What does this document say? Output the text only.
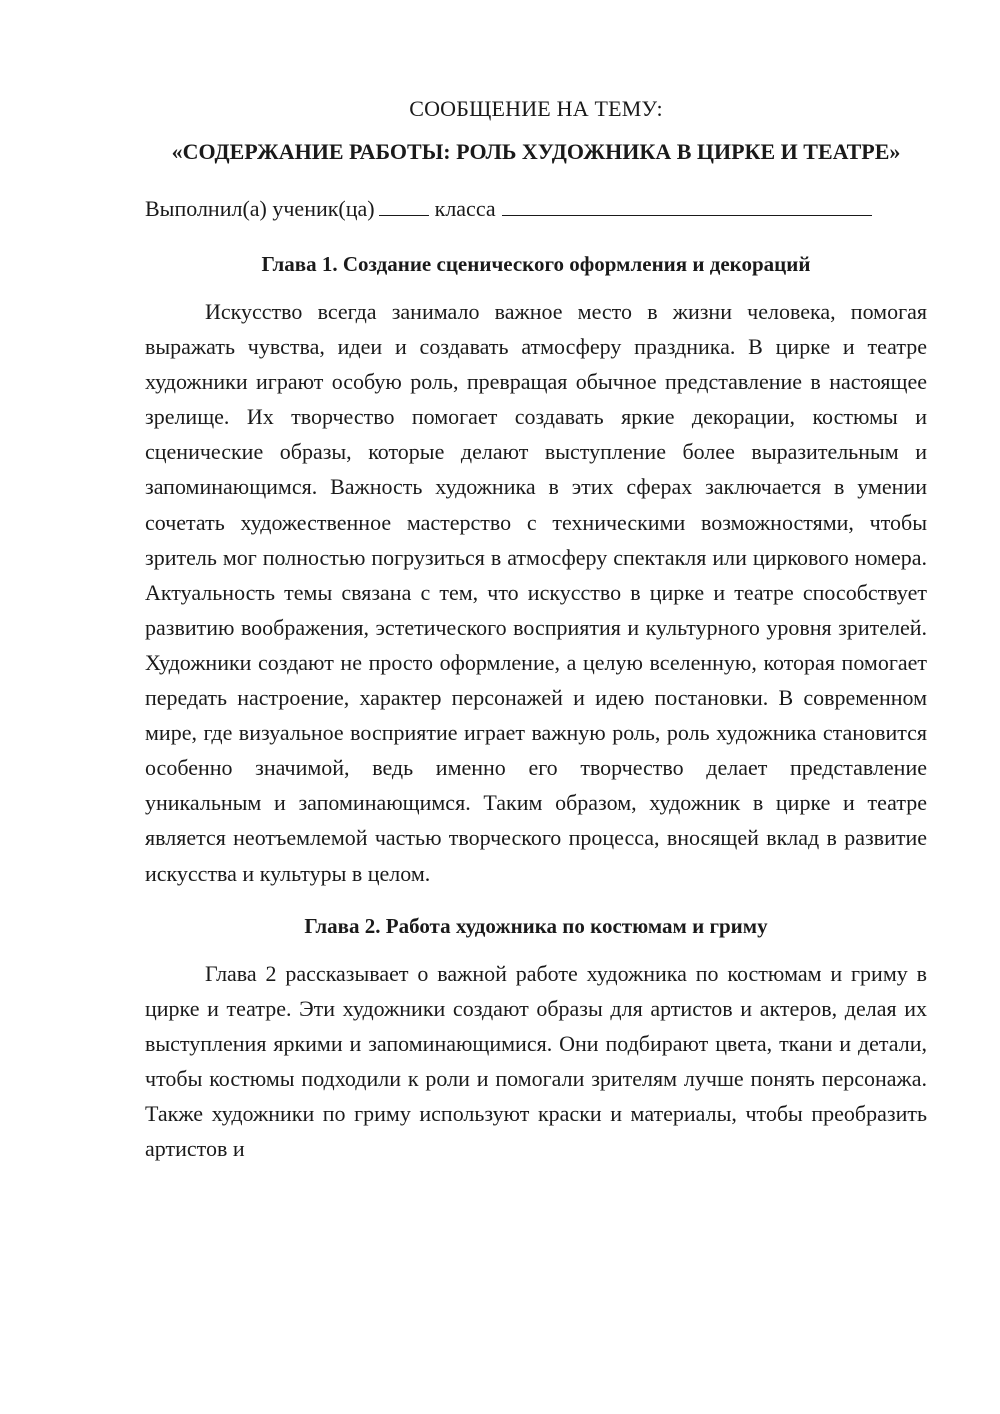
СООБЩЕНИЕ НА ТЕМУ:

«СОДЕРЖАНИЕ РАБОТЫ: РОЛЬ ХУДОЖНИКА В ЦИРКЕ И ТЕАТРЕ»

Выполнил(а) ученик(ца)	класса

Глава 1. Создание сценического оформления и декораций

Искусство всегда занимало важное место в жизни человека, помогая выражать чувства, идеи и создавать атмосферу праздника. В цирке и театре художники играют особую роль, превращая обычное представление в настоящее зрелище. Их творчество помогает создавать яркие декорации, костюмы и сценические образы, которые делают выступление более выразительным и запоминающимся. Важность художника в этих сферах заключается в умении сочетать художественное мастерство с техническими возможностями, чтобы зритель мог полностью погрузиться в атмосферу спектакля или циркового номера. Актуальность темы связана с тем, что искусство в цирке и театре способствует развитию воображения, эстетического восприятия и культурного уровня зрителей. Художники создают не просто оформление, а целую вселенную, которая помогает передать настроение, характер персонажей и идею постановки. В современном мире, где визуальное восприятие играет важную роль, роль художника становится особенно значимой, ведь именно его творчество делает представление уникальным и запоминающимся. Таким образом, художник в цирке и театре является неотъемлемой частью творческого процесса, вносящей вклад в развитие искусства и культуры в целом.

Глава 2. Работа художника по костюмам и гриму

Глава 2 рассказывает о важной работе художника по костюмам и гриму в цирке и театре. Эти художники создают образы для артистов и актеров, делая их выступления яркими и запоминающимися. Они подбирают цвета, ткани и детали, чтобы костюмы подходили к роли и помогали зрителям лучше понять персонажа. Также художники по гриму используют краски и материалы, чтобы преобразить артистов и
